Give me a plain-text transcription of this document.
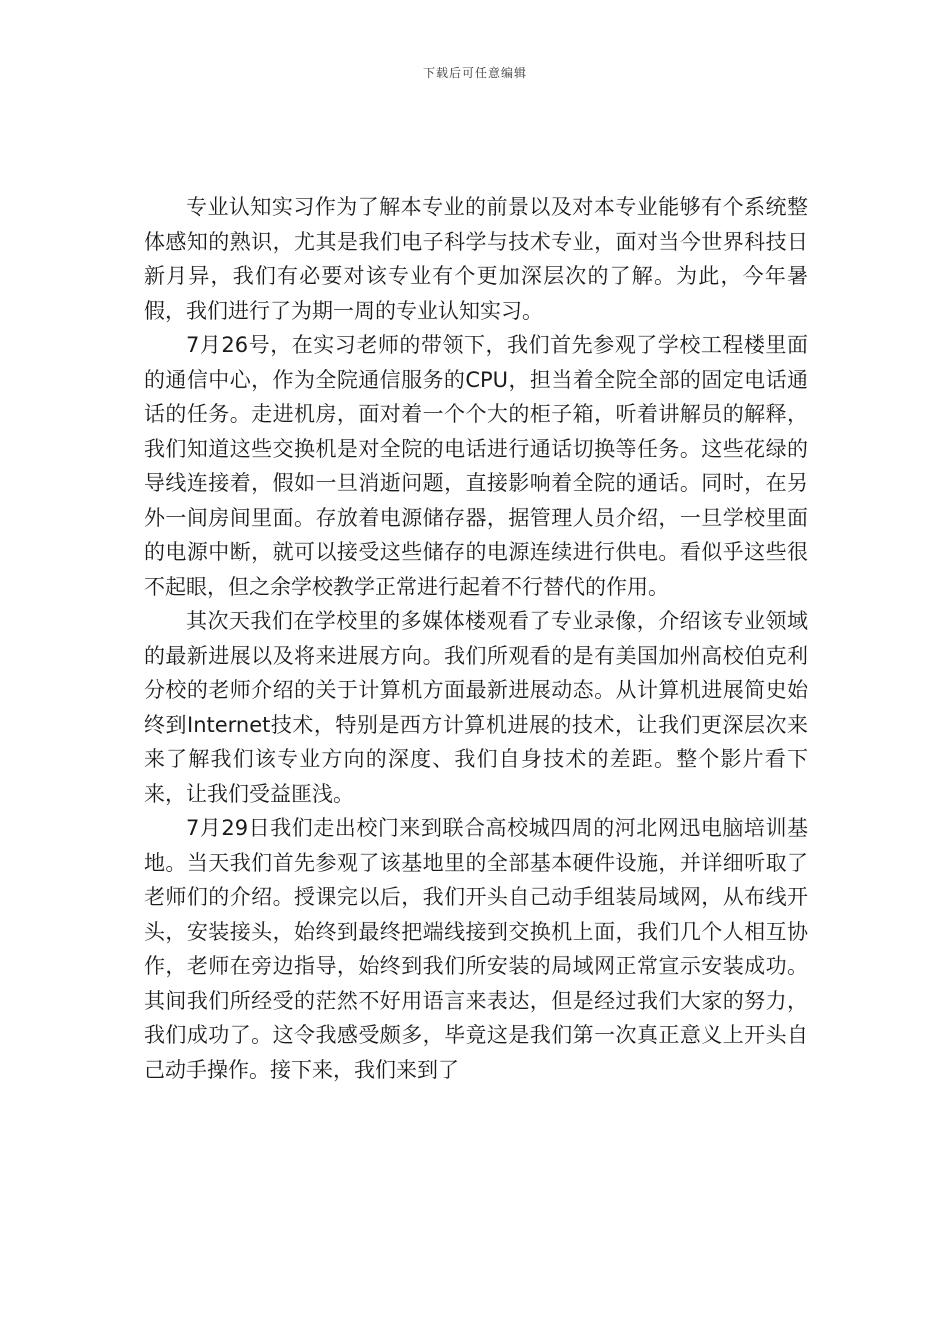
下载后可任意编辑

专业认知实习作为了解本专业的前景以及对本专业能够有个系统整体感知的熟识，尤其是我们电子科学与技术专业，面对当今世界科技日新月异，我们有必要对该专业有个更加深层次的了解。为此，今年暑假，我们进行了为期一周的专业认知实习。

7月26号，在实习老师的带领下，我们首先参观了学校工程楼里面的通信中心，作为全院通信服务的CPU，担当着全院全部的固定电话通话的任务。走进机房，面对着一个个大的柜子箱，听着讲解员的解释，我们知道这些交换机是对全院的电话进行通话切换等任务。这些花绿的导线连接着，假如一旦消逝问题，直接影响着全院的通话。同时，在另外一间房间里面。存放着电源储存器，据管理人员介绍，一旦学校里面的电源中断，就可以接受这些储存的电源连续进行供电。看似乎这些很不起眼，但之余学校教学正常进行起着不行替代的作用。

其次天我们在学校里的多媒体楼观看了专业录像，介绍该专业领域的最新进展以及将来进展方向。我们所观看的是有美国加州高校伯克利分校的老师介绍的关于计算机方面最新进展动态。从计算机进展简史始终到Internet技术，特别是西方计算机进展的技术，让我们更深层次来来了解我们该专业方向的深度、我们自身技术的差距。整个影片看下来，让我们受益匪浅。

7月29日我们走出校门来到联合高校城四周的河北网迅电脑培训基地。当天我们首先参观了该基地里的全部基本硬件设施，并详细听取了老师们的介绍。授课完以后，我们开头自己动手组装局域网，从布线开头，安装接头，始终到最终把端线接到交换机上面，我们几个人相互协作，老师在旁边指导，始终到我们所安装的局域网正常宣示安装成功。其间我们所经受的茫然不好用语言来表达，但是经过我们大家的努力，我们成功了。这令我感受颇多，毕竟这是我们第一次真正意义上开头自己动手操作。接下来，我们来到了
